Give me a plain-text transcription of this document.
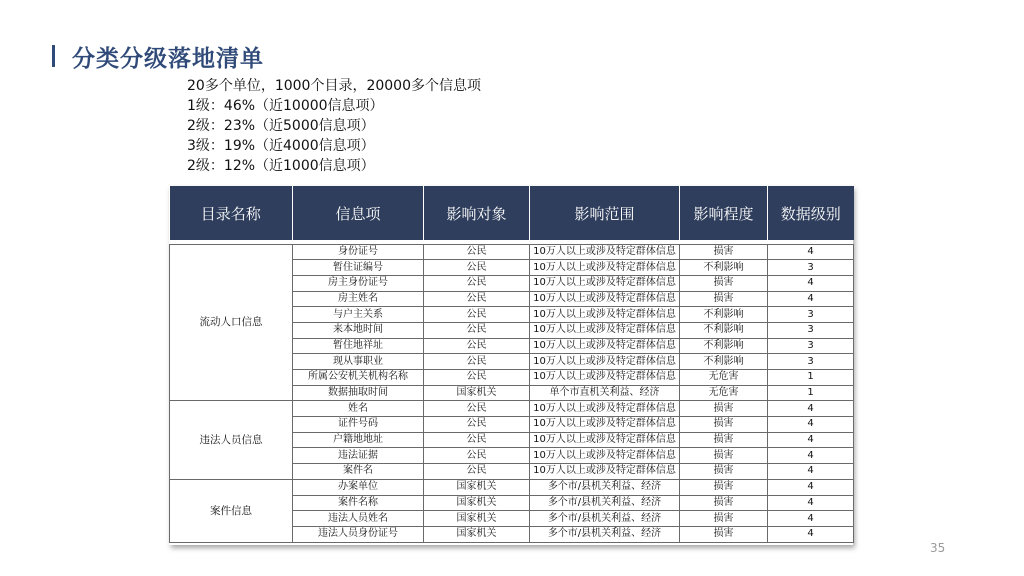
分类分级落地清单
20多个单位，1000个目录，20000多个信息项
1级：46%（近10000信息项）
2级：23%（近5000信息项）
3级：19%（近4000信息项）
2级：12%（近1000信息项）
目录名称	信息项	影响对象	影响范围	影响程度	数据级别

流动人口信息	身份证号	公民	10万人以上或涉及特定群体信息	损害	4
	暂住证编号	公民	10万人以上或涉及特定群体信息	不利影响	3
	房主身份证号	公民	10万人以上或涉及特定群体信息	损害	4
	房主姓名	公民	10万人以上或涉及特定群体信息	损害	4
	与户主关系	公民	10万人以上或涉及特定群体信息	不利影响	3
	来本地时间	公民	10万人以上或涉及特定群体信息	不利影响	3
	暂住地祥址	公民	10万人以上或涉及特定群体信息	不利影响	3
	现从事职业	公民	10万人以上或涉及特定群体信息	不利影响	3
	所属公安机关机构名称	公民	10万人以上或涉及特定群体信息	无危害	1
	数据抽取时间	国家机关	单个市直机关利益、经济	无危害	1
违法人员信息	姓名	公民	10万人以上或涉及特定群体信息	损害	4
	证件号码	公民	10万人以上或涉及特定群体信息	损害	4
	户籍地地址	公民	10万人以上或涉及特定群体信息	损害	4
	违法证据	公民	10万人以上或涉及特定群体信息	损害	4
	案件名	公民	10万人以上或涉及特定群体信息	损害	4
案件信息	办案单位	国家机关	多个市/县机关利益、经济	损害	4
	案件名称	国家机关	多个市/县机关利益、经济	损害	4
	违法人员姓名	国家机关	多个市/县机关利益、经济	损害	4
	违法人员身份证号	国家机关	多个市/县机关利益、经济	损害	4
35
